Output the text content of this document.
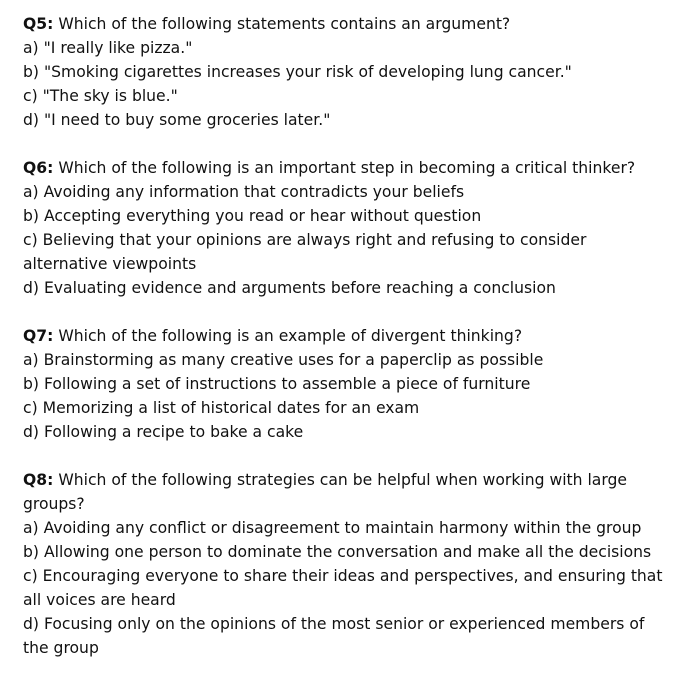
Q5: Which of the following statements contains an argument?
a) "I really like pizza."
b) "Smoking cigarettes increases your risk of developing lung cancer."
c) "The sky is blue."
d) "I need to buy some groceries later."
Q6: Which of the following is an important step in becoming a critical thinker?
a) Avoiding any information that contradicts your beliefs
b) Accepting everything you read or hear without question
c) Believing that your opinions are always right and refusing to consider alternative viewpoints
d) Evaluating evidence and arguments before reaching a conclusion
Q7: Which of the following is an example of divergent thinking?
a) Brainstorming as many creative uses for a paperclip as possible
b) Following a set of instructions to assemble a piece of furniture
c) Memorizing a list of historical dates for an exam
d) Following a recipe to bake a cake
Q8: Which of the following strategies can be helpful when working with large groups?
a) Avoiding any conflict or disagreement to maintain harmony within the group
b) Allowing one person to dominate the conversation and make all the decisions
c) Encouraging everyone to share their ideas and perspectives, and ensuring that all voices are heard
d) Focusing only on the opinions of the most senior or experienced members of the group
